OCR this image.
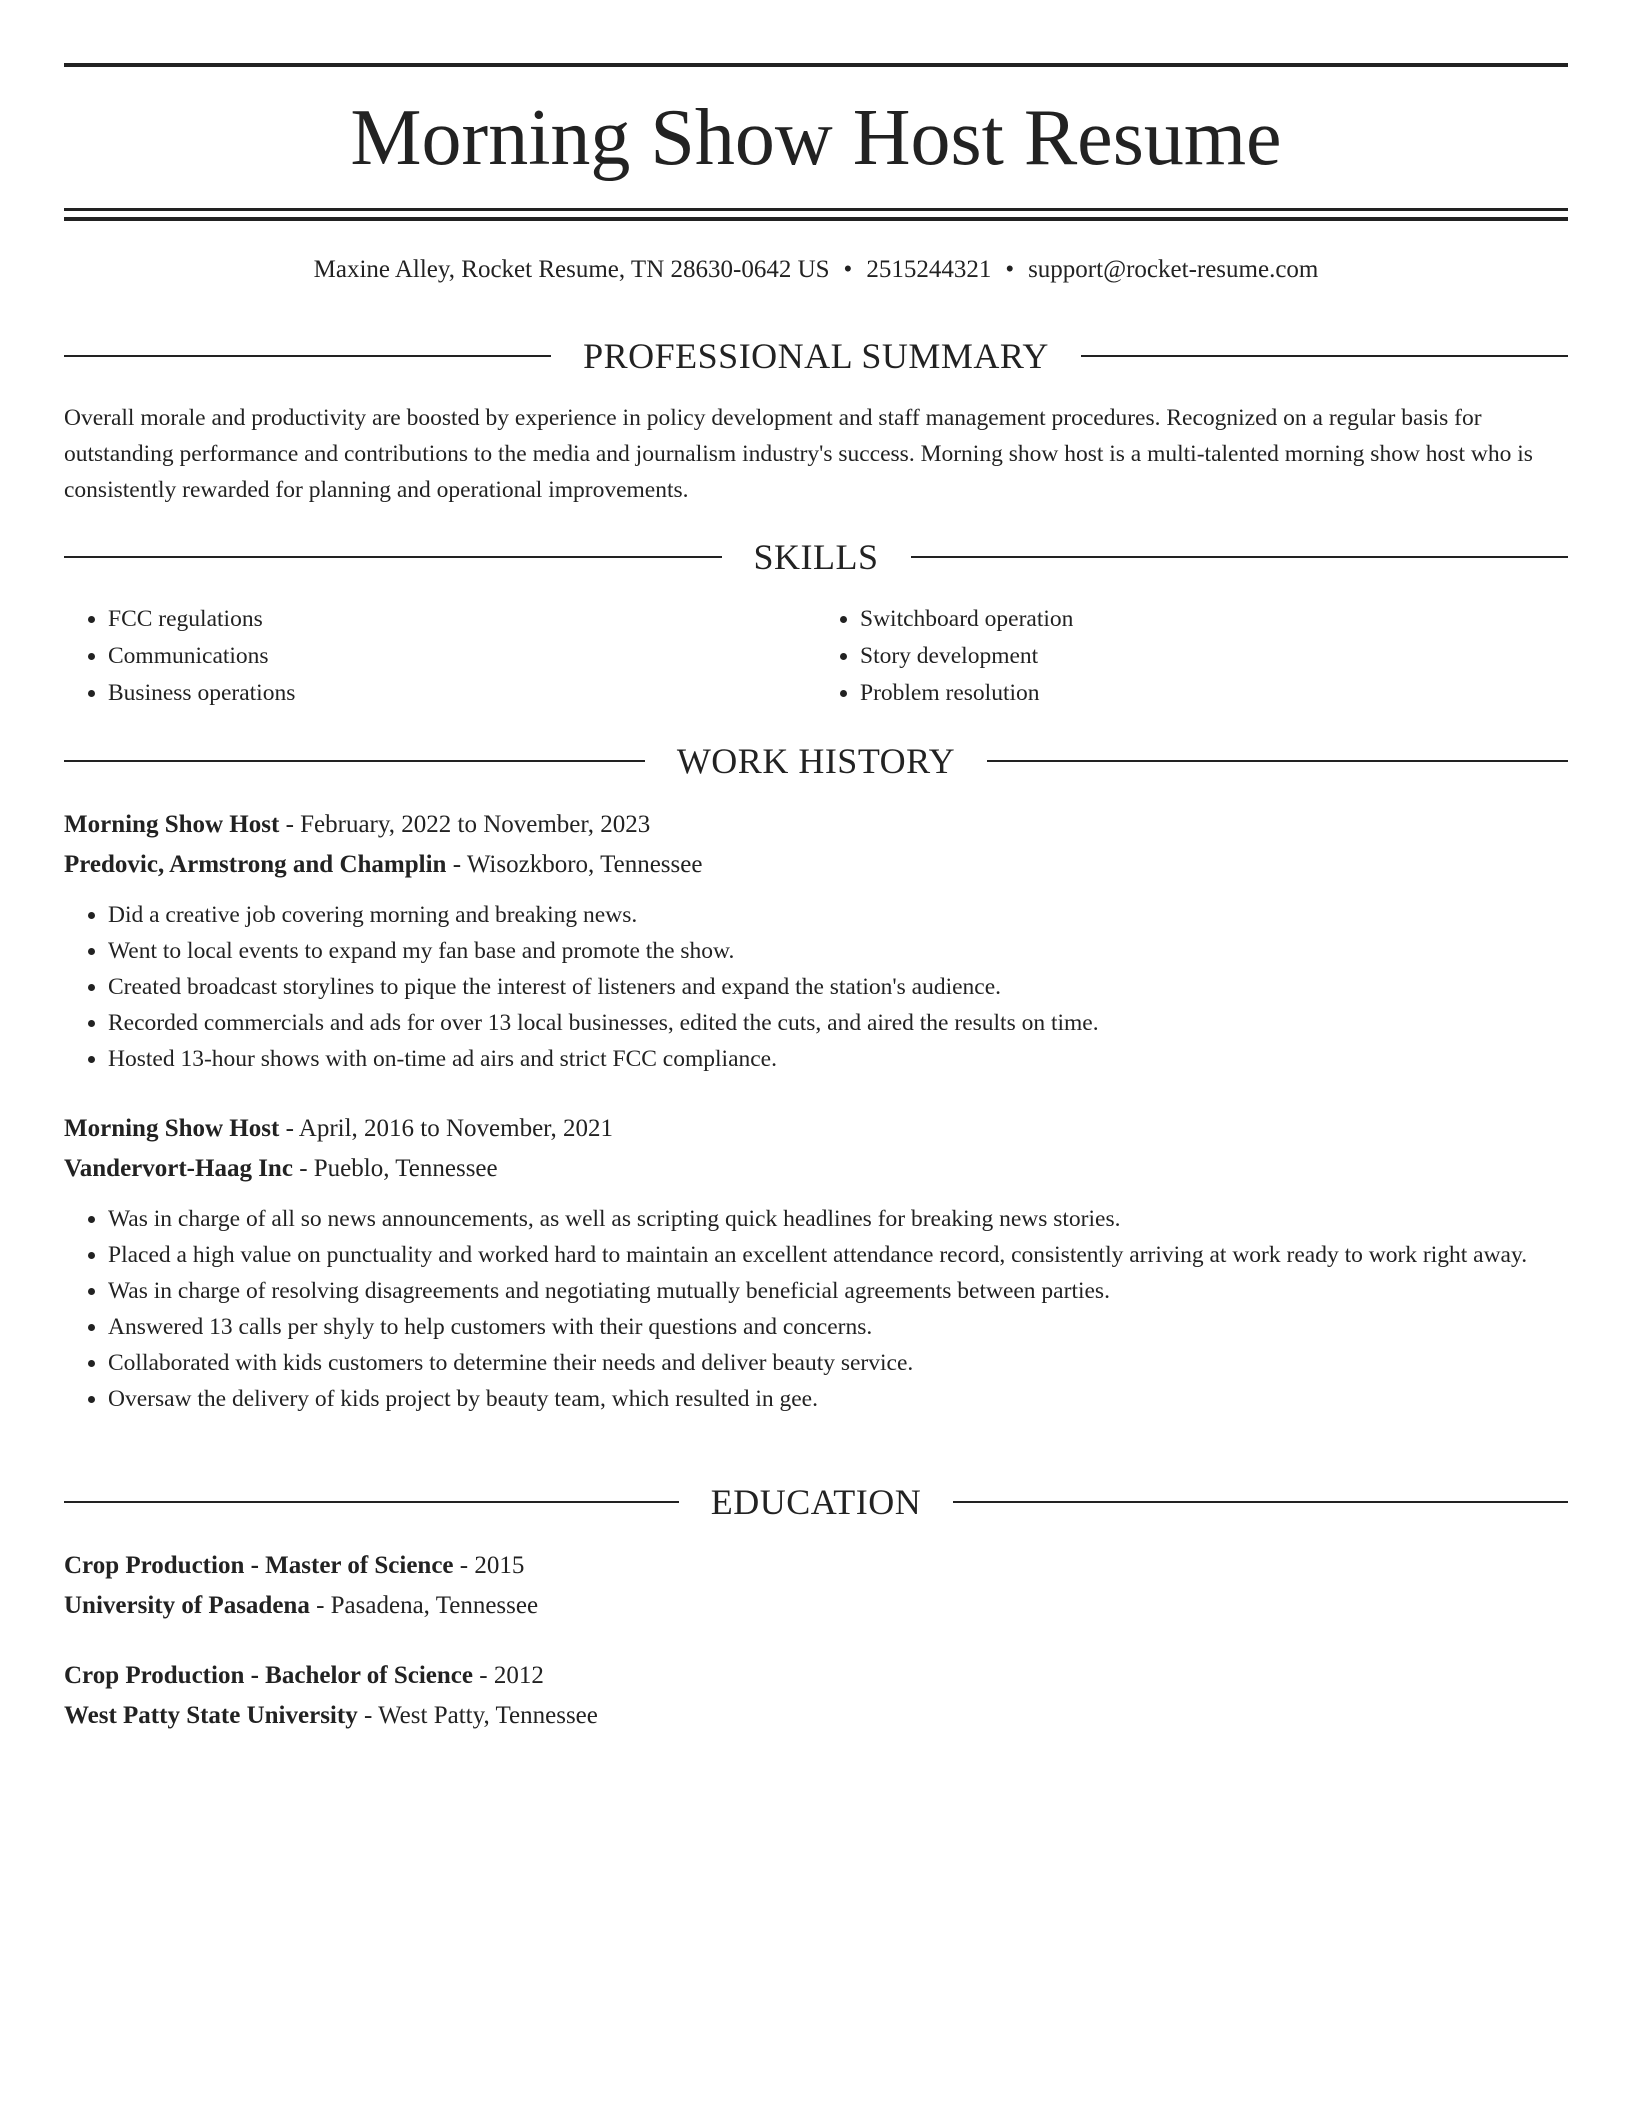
Morning Show Host Resume
Maxine Alley, Rocket Resume, TN 28630-0642 US • 2515244321 • support@rocket-resume.com
PROFESSIONAL SUMMARY
Overall morale and productivity are boosted by experience in policy development and staff management procedures. Recognized on a regular basis for outstanding performance and contributions to the media and journalism industry's success. Morning show host is a multi-talented morning show host who is consistently rewarded for planning and operational improvements.
SKILLS
• FCC regulations
• Communications
• Business operations
• Switchboard operation
• Story development
• Problem resolution
WORK HISTORY
Morning Show Host - February, 2022 to November, 2023
Predovic, Armstrong and Champlin - Wisozkboro, Tennessee
• Did a creative job covering morning and breaking news.
• Went to local events to expand my fan base and promote the show.
• Created broadcast storylines to pique the interest of listeners and expand the station's audience.
• Recorded commercials and ads for over 13 local businesses, edited the cuts, and aired the results on time.
• Hosted 13-hour shows with on-time ad airs and strict FCC compliance.
Morning Show Host - April, 2016 to November, 2021
Vandervort-Haag Inc - Pueblo, Tennessee
• Was in charge of all so news announcements, as well as scripting quick headlines for breaking news stories.
• Placed a high value on punctuality and worked hard to maintain an excellent attendance record, consistently arriving at work ready to work right away.
• Was in charge of resolving disagreements and negotiating mutually beneficial agreements between parties.
• Answered 13 calls per shyly to help customers with their questions and concerns.
• Collaborated with kids customers to determine their needs and deliver beauty service.
• Oversaw the delivery of kids project by beauty team, which resulted in gee.
EDUCATION
Crop Production - Master of Science - 2015
University of Pasadena - Pasadena, Tennessee
Crop Production - Bachelor of Science - 2012
West Patty State University - West Patty, Tennessee
